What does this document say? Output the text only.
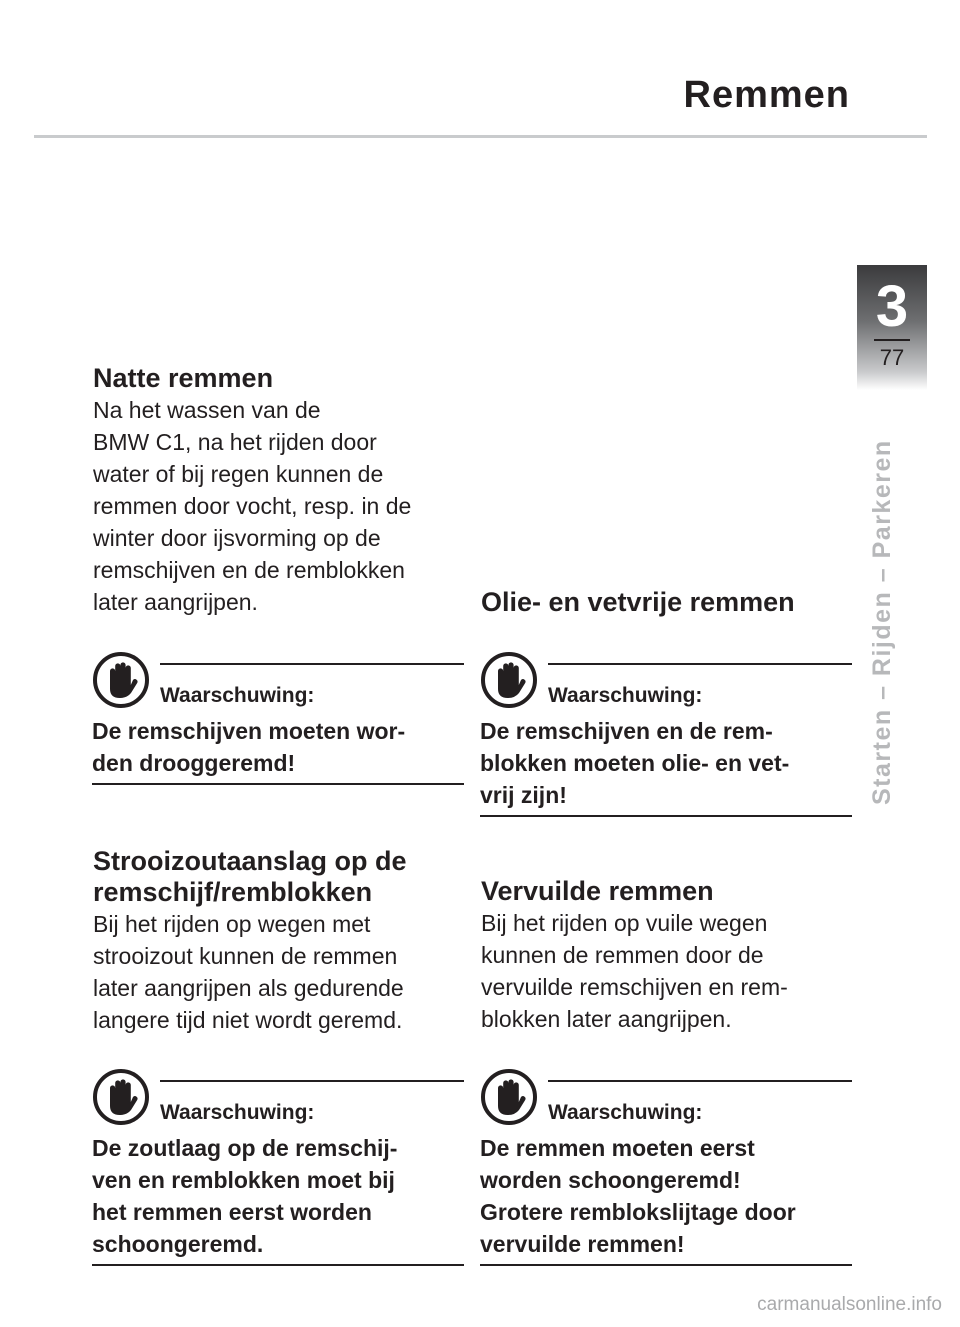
Remmen
3
77
Starten – Rijden – Parkeren
Natte remmen
Na het wassen van de
BMW C1, na het rijden door
water of bij regen kunnen de
remmen door vocht, resp. in de
winter door ijsvorming op de
remschijven en de remblokken
later aangrijpen.
Waarschuwing:
De remschijven moeten wor-
den drooggeremd!
Strooizoutaanslag op de
remschijf/remblokken
Bij het rijden op wegen met
strooizout kunnen de remmen
later aangrijpen als gedurende
langere tijd niet wordt geremd.
Waarschuwing:
De zoutlaag op de remschij-
ven en remblokken moet bij
het remmen eerst worden
schoongeremd.
Olie- en vetvrije remmen
Waarschuwing:
De remschijven en de rem-
blokken moeten olie- en vet-
vrij zijn!
Vervuilde remmen
Bij het rijden op vuile wegen
kunnen de remmen door de
vervuilde remschijven en rem-
blokken later aangrijpen.
Waarschuwing:
De remmen moeten eerst
worden schoongeremd!
Grotere remblokslijtage door
vervuilde remmen!
carmanualsonline.info
